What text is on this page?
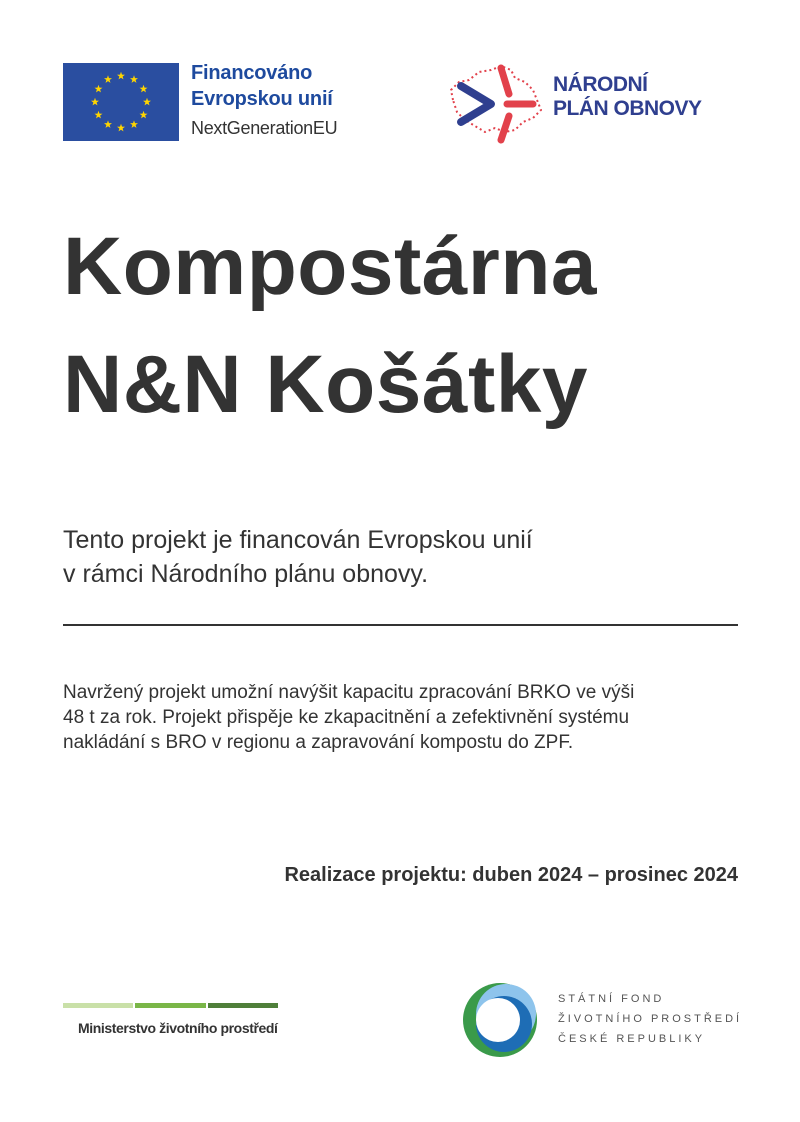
Financováno
Evropskou unií
NextGenerationEU
NÁRODNÍ
PLÁN OBNOVY
Kompostárna
N&N Košátky

Tento projekt je financován Evropskou unií
v rámci Národního plánu obnovy.

Navržený projekt umožní navýšit kapacitu zpracování BRKO ve výši
48 t za rok. Projekt přispěje ke zkapacitnění a zefektivnění systému
nakládání s BRO v regionu a zapravování kompostu do ZPF.

Realizace projektu: duben 2024 – prosinec 2024
Ministerstvo životního prostředí
STÁTNÍ FOND
ŽIVOTNÍHO PROSTŘEDÍ
ČESKÉ REPUBLIKY
